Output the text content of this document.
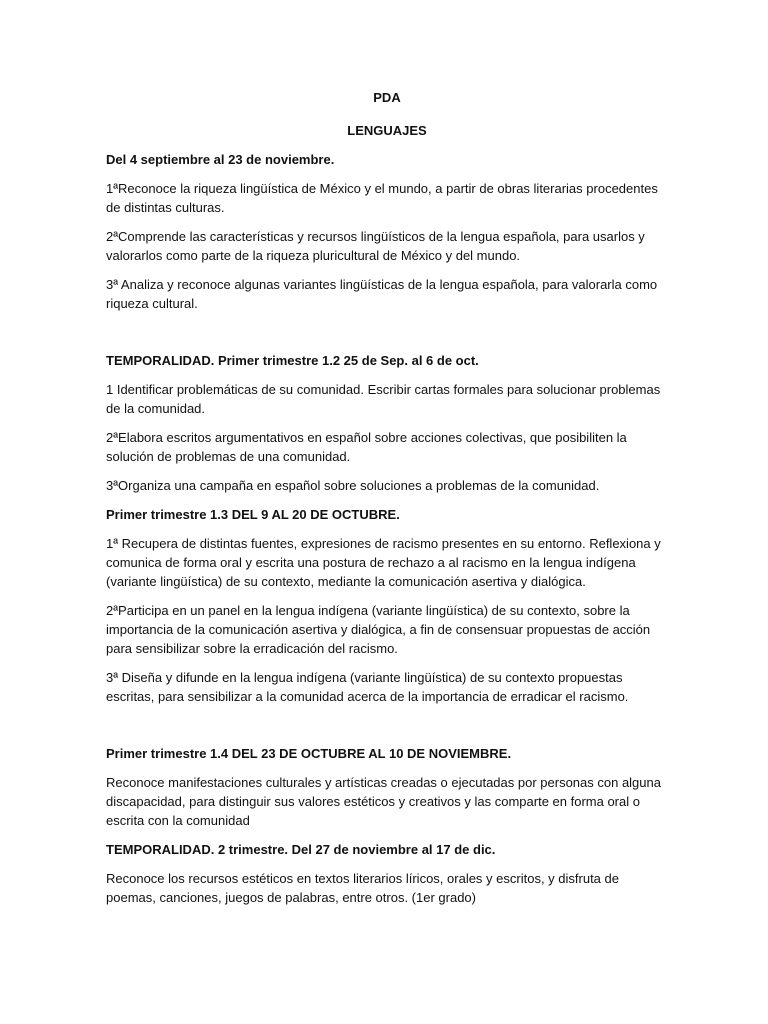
PDA

LENGUAJES

Del 4 septiembre al 23 de noviembre.

1ªReconoce la riqueza lingüística de México y el mundo, a partir de obras literarias procedentes de distintas culturas.

2ªComprende las características y recursos lingüísticos de la lengua española, para usarlos y valorarlos como parte de la riqueza pluricultural de México y del mundo.

3ª Analiza y reconoce algunas variantes lingüísticas de la lengua española, para valorarla como riqueza cultural.

TEMPORALIDAD. Primer trimestre 1.2 25 de Sep. al 6 de oct.

1 Identificar problemáticas de su comunidad. Escribir cartas formales para solucionar problemas de la comunidad.

2ªElabora escritos argumentativos en español sobre acciones colectivas, que posibiliten la solución de problemas de una comunidad.

3ªOrganiza una campaña en español sobre soluciones a problemas de la comunidad.

Primer trimestre 1.3 DEL 9 AL 20 DE OCTUBRE.

1ª Recupera de distintas fuentes, expresiones de racismo presentes en su entorno. Reflexiona y comunica de forma oral y escrita una postura de rechazo a al racismo en la lengua indígena (variante lingüística) de su contexto, mediante la comunicación asertiva y dialógica.

2ªParticipa en un panel en la lengua indígena (variante lingüística) de su contexto, sobre la importancia de la comunicación asertiva y dialógica, a fin de consensuar propuestas de acción para sensibilizar sobre la erradicación del racismo.

3ª Diseña y difunde en la lengua indígena (variante lingüística) de su contexto propuestas escritas, para sensibilizar a la comunidad acerca de la importancia de erradicar el racismo.

Primer trimestre 1.4 DEL 23 DE OCTUBRE AL 10 DE NOVIEMBRE.

Reconoce manifestaciones culturales y artísticas creadas o ejecutadas por personas con alguna discapacidad, para distinguir sus valores estéticos y creativos y las comparte en forma oral o escrita con la comunidad

TEMPORALIDAD. 2 trimestre. Del 27 de noviembre al 17 de dic.

Reconoce los recursos estéticos en textos literarios líricos, orales y escritos, y disfruta de poemas, canciones, juegos de palabras, entre otros. (1er grado)
